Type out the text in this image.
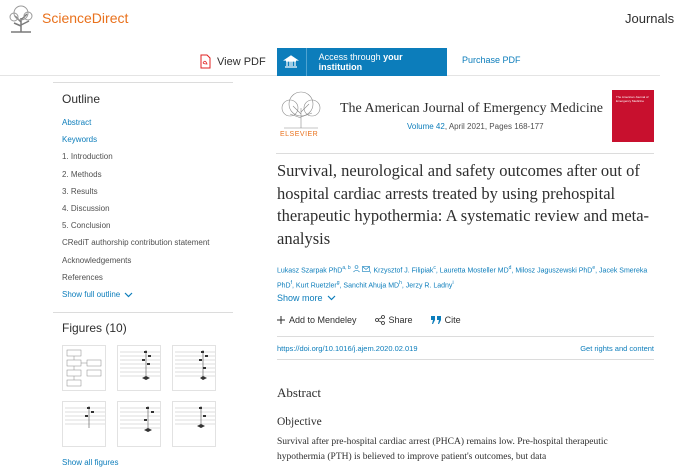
ScienceDirect	Journals
View PDF	Access through your institution
Purchase PDF
Outline
Abstract
Keywords
1. Introduction
2. Methods
3. Results
4. Discussion
5. Conclusion
CRediT authorship contribution statement
Acknowledgements
References
Show full outline
Figures (10)
Show all figures
ELSEVIER
The American Journal of Emergency Medicine
Volume 42, April 2021, Pages 168-177
The American Journal of Emergency Medicine
Survival, neurological and safety outcomes after out of hospital cardiac arrests treated by using prehospital therapeutic hypothermia: A systematic review and meta-analysis
Lukasz Szarpak PhD$^{a, b}$	, Krzysztof J. Filipiak$^c$, Lauretta Mosteller $MD^d$, Milosz Jaguszewski PhD$^e$, Jacek Smereka PhD$^f$, Kurt Ruetzler$^g$, Sanchit Ahuja $MD^h$, Jerzy R. Ladny$^i$
Show more
Add to Mendeley	Share	Cite
https://doi.org/10.1016/j.ajem.2020.02.019	Get rights and content
Abstract
Objective

Survival after pre-hospital cardiac arrest (PHCA) remains low. Pre-hospital therapeutic hypothermia (PTH) is believed to improve patient's outcomes, but data
